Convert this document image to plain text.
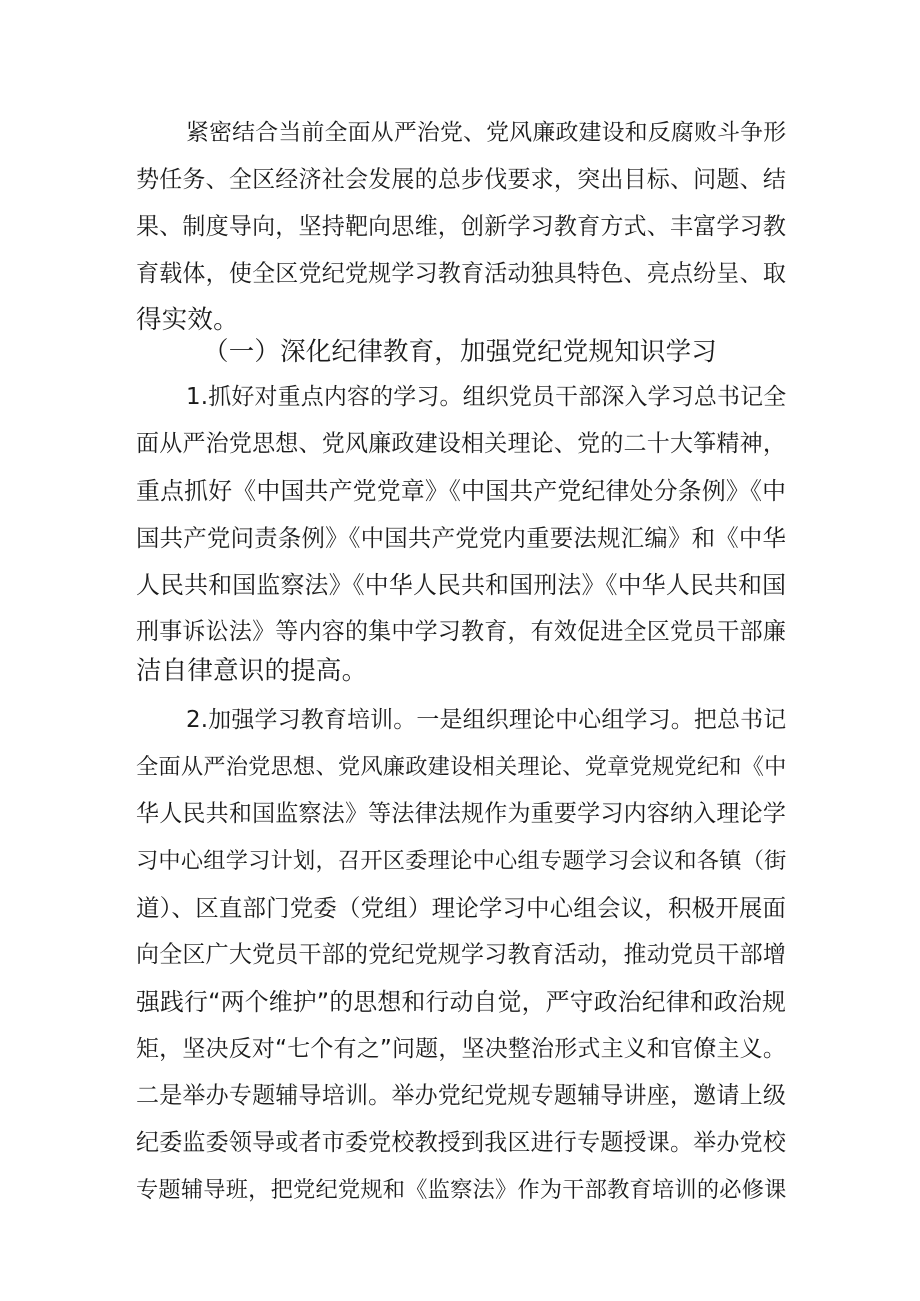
紧密结合当前全面从严治党、党风廉政建设和反腐败斗争形
势任务、全区经济社会发展的总步伐要求，突出目标、问题、结
果、制度导向，坚持靶向思维，创新学习教育方式、丰富学习教
育载体，使全区党纪党规学习教育活动独具特色、亮点纷呈、取
得实效。
（一）深化纪律教育，加强党纪党规知识学习
1.抓好对重点内容的学习。组织党员干部深入学习总书记全
面从严治党思想、党风廉政建设相关理论、党的二十大筝精神，
重点抓好《中国共产党党章》《中国共产党纪律处分条例》《中
国共产党问责条例》《中国共产党党内重要法规汇编》和《中华
人民共和国监察法》《中华人民共和国刑法》《中华人民共和国
刑事诉讼法》等内容的集中学习教育，有效促进全区党员干部廉
洁自律意识的提高。
2.加强学习教育培训。一是组织理论中心组学习。把总书记
全面从严治党思想、党风廉政建设相关理论、党章党规党纪和《中
华人民共和国监察法》等法律法规作为重要学习内容纳入理论学
习中心组学习计划，召开区委理论中心组专题学习会议和各镇（街
道）、区直部门党委（党组）理论学习中心组会议，积极开展面
向全区广大党员干部的党纪党规学习教育活动，推动党员干部增
强践行“两个维护”的思想和行动自觉，严守政治纪律和政治规
矩，坚决反对“七个有之”问题，坚决整治形式主义和官僚主义。
二是举办专题辅导培训。举办党纪党规专题辅导讲座，邀请上级
纪委监委领导或者市委党校教授到我区进行专题授课。举办党校
专题辅导班，把党纪党规和《监察法》作为干部教育培训的必修课
